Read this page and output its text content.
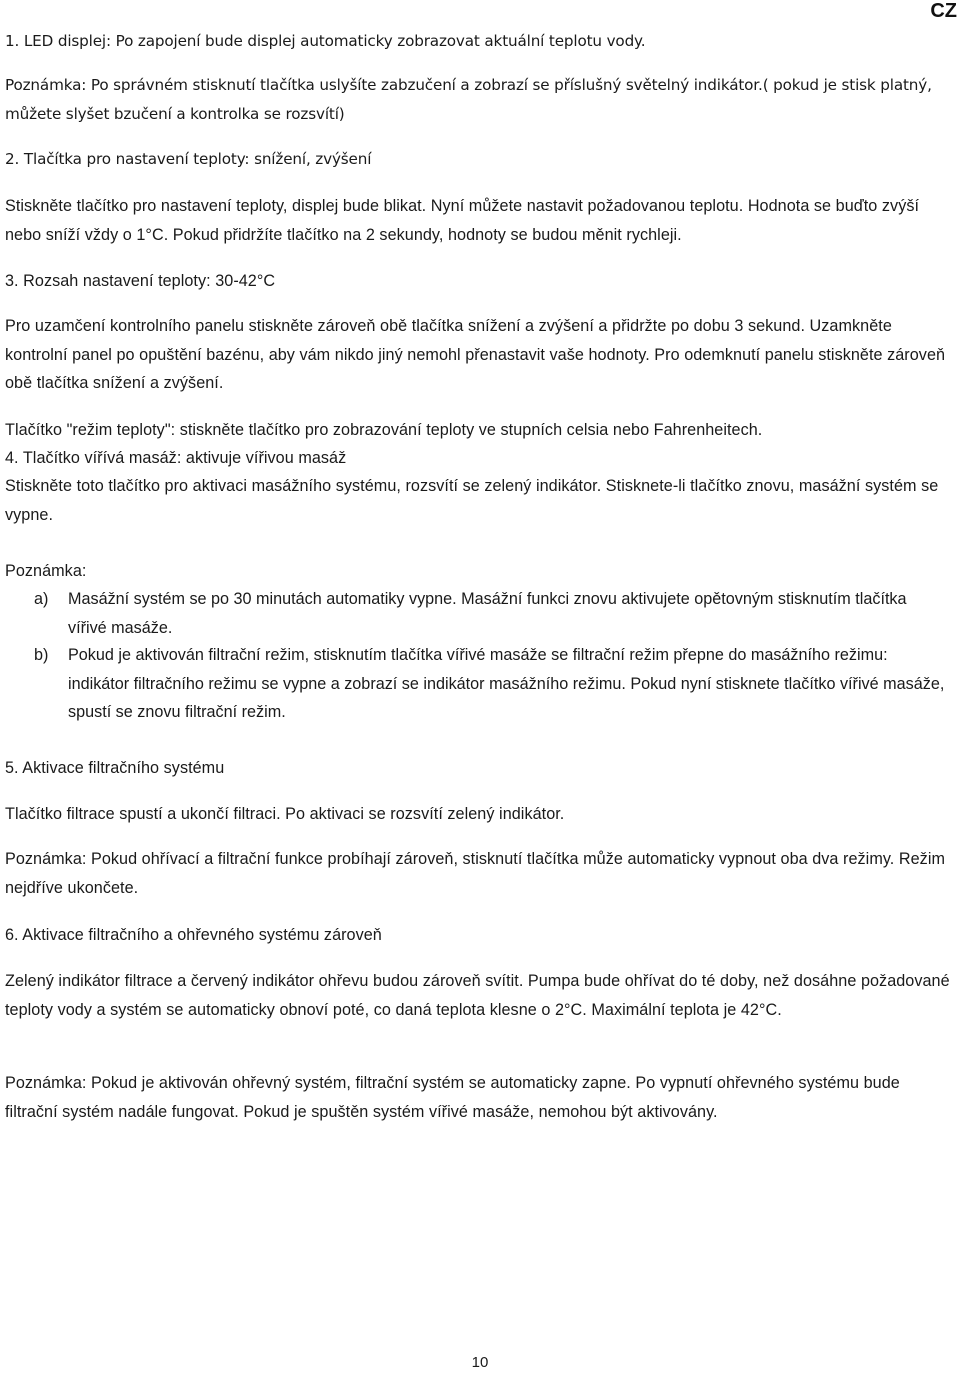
CZ

1. LED displej: Po zapojení bude displej automaticky zobrazovat aktuální teplotu vody.

Poznámka: Po správném stisknutí tlačítka uslyšíte zabzučení a zobrazí se příslušný světelný indikátor.( pokud je stisk platný, můžete slyšet bzučení a kontrolka se rozsvítí)

2. Tlačítka pro nastavení teploty: snížení, zvýšení

Stiskněte tlačítko pro nastavení teploty, displej bude blikat. Nyní můžete nastavit požadovanou teplotu. Hodnota se buďto zvýší nebo sníží vždy o 1°C. Pokud přidržíte tlačítko na 2 sekundy, hodnoty se budou měnit rychleji.

3. Rozsah nastavení teploty: 30-42°C

Pro uzamčení kontrolního panelu stiskněte zároveň obě tlačítka snížení a zvýšení a přidržte po dobu 3 sekund. Uzamkněte kontrolní panel po opuštění bazénu, aby vám nikdo jiný nemohl přenastavit vaše hodnoty. Pro odemknutí panelu stiskněte zároveň obě tlačítka snížení a zvýšení.

Tlačítko "režim teploty": stiskněte tlačítko pro zobrazování teploty ve stupních celsia nebo Fahrenheitech.

4. Tlačítko vířívá masáž: aktivuje vířivou masáž

Stiskněte toto tlačítko pro aktivaci masážního systému, rozsvítí se zelený indikátor. Stisknete-li tlačítko znovu, masážní systém se vypne.

Poznámka:

a) Masážní systém se po 30 minutách automatiky vypne. Masážní funkci znovu aktivujete opětovným stisknutím tlačítka vířivé masáže.
b) Pokud je aktivován filtrační režim, stisknutím tlačítka vířivé masáže se filtrační režim přepne do masážního režimu: indikátor filtračního režimu se vypne a zobrazí se indikátor masážního režimu. Pokud nyní stisknete tlačítko vířivé masáže, spustí se znovu filtrační režim.

5. Aktivace filtračního systému

Tlačítko filtrace spustí a ukončí filtraci. Po aktivaci se rozsvítí zelený indikátor.

Poznámka: Pokud ohřívací a filtrační funkce probíhají zároveň, stisknutí tlačítka může automaticky vypnout oba dva režimy. Režim nejdříve ukončete.

6. Aktivace filtračního a ohřevného systému zároveň

Zelený indikátor filtrace a červený indikátor ohřevu budou zároveň svítit. Pumpa bude ohřívat do té doby, než dosáhne požadované teploty vody a systém se automaticky obnoví poté, co daná teplota klesne o 2°C. Maximální teplota je 42°C.

Poznámka: Pokud je aktivován ohřevný systém, filtrační systém se automaticky zapne. Po vypnutí ohřevného systému bude filtrační systém nadále fungovat. Pokud je spuštěn systém vířivé masáže, nemohou být aktivovány.

10
